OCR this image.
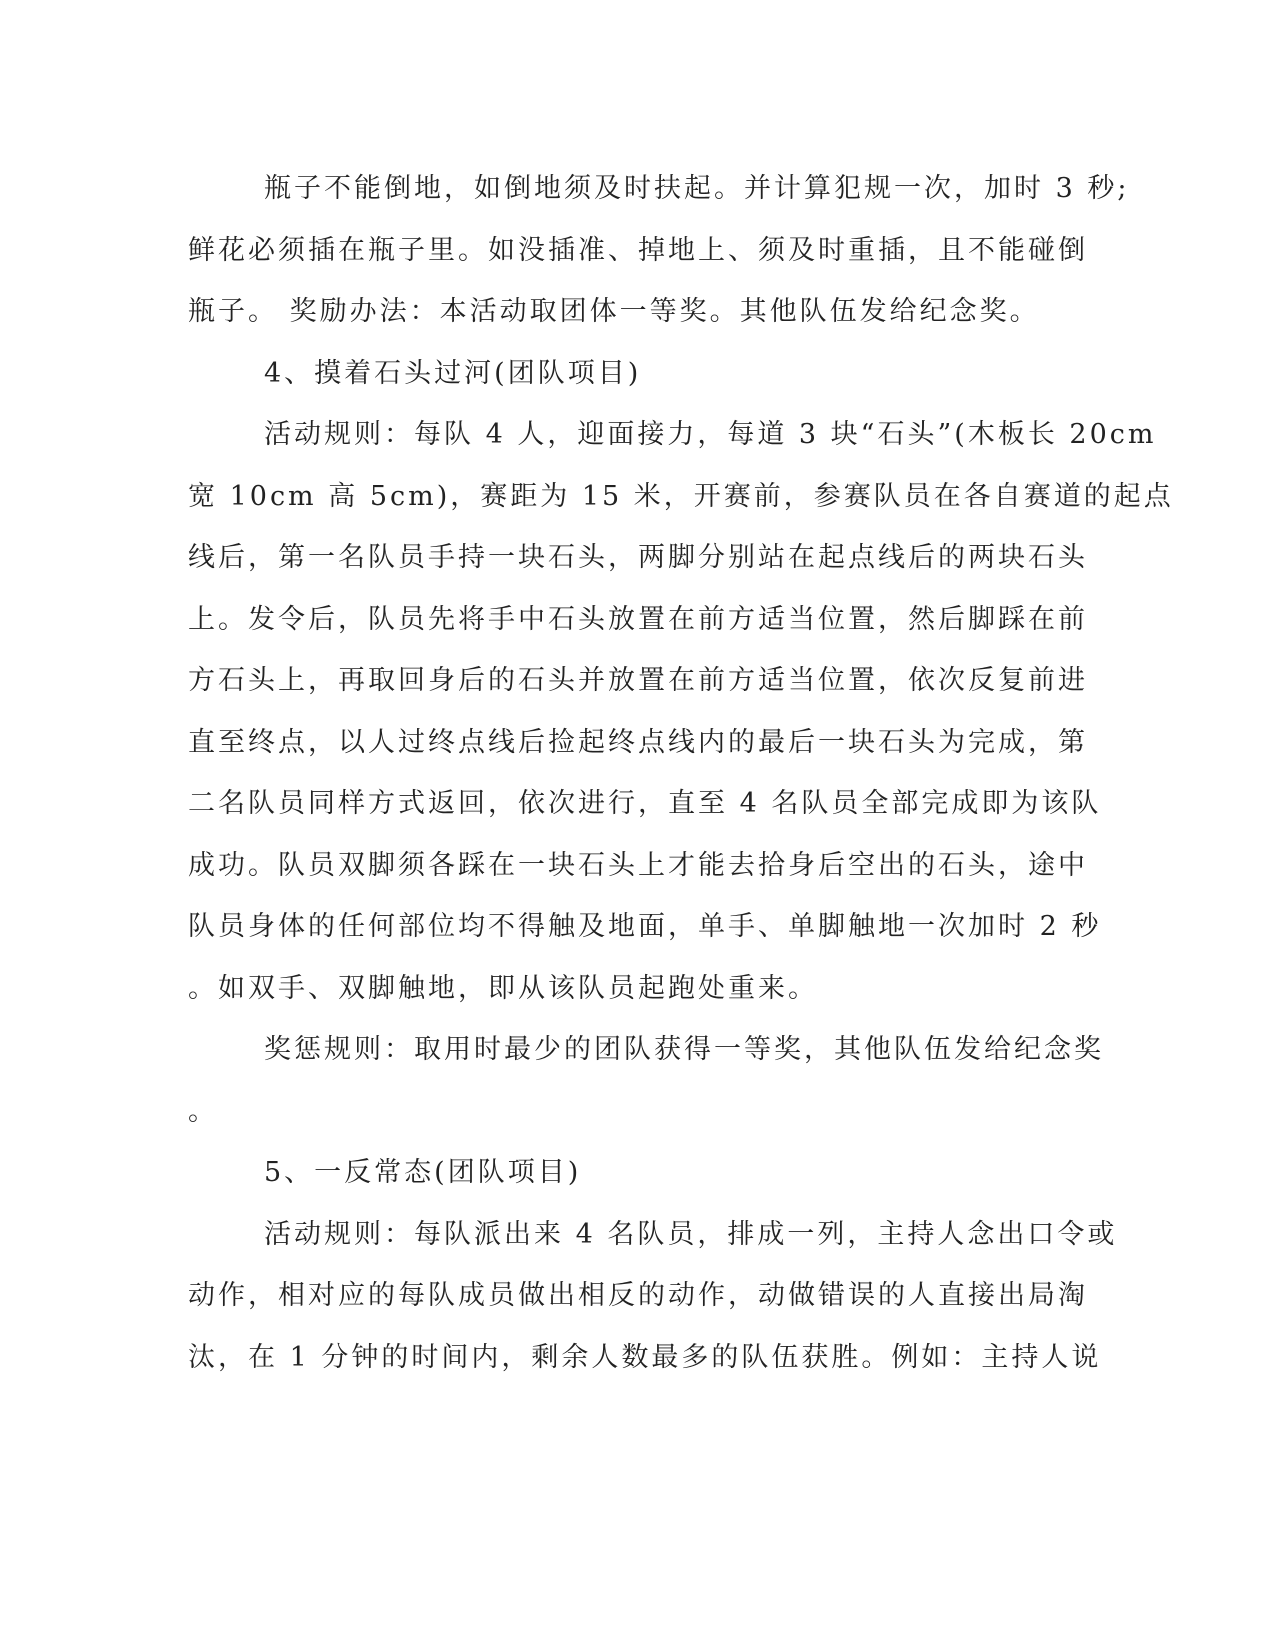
瓶子不能倒地，如倒地须及时扶起。并计算犯规一次，加时 3 秒;
鲜花必须插在瓶子里。如没插准、掉地上、须及时重插，且不能碰倒
瓶子。 奖励办法：本活动取团体一等奖。其他队伍发给纪念奖。
4、摸着石头过河(团队项目)
活动规则：每队 4 人，迎面接力，每道 3 块“石头”(木板长 20cm
宽 10cm 高 5cm)，赛距为 15 米，开赛前，参赛队员在各自赛道的起点
线后，第一名队员手持一块石头，两脚分别站在起点线后的两块石头
上。发令后，队员先将手中石头放置在前方适当位置，然后脚踩在前
方石头上，再取回身后的石头并放置在前方适当位置，依次反复前进
直至终点，以人过终点线后捡起终点线内的最后一块石头为完成，第
二名队员同样方式返回，依次进行，直至 4 名队员全部完成即为该队
成功。队员双脚须各踩在一块石头上才能去拾身后空出的石头，途中
队员身体的任何部位均不得触及地面，单手、单脚触地一次加时 2 秒
。如双手、双脚触地，即从该队员起跑处重来。
奖惩规则：取用时最少的团队获得一等奖，其他队伍发给纪念奖
。
5、一反常态(团队项目)
活动规则：每队派出来 4 名队员，排成一列，主持人念出口令或
动作，相对应的每队成员做出相反的动作，动做错误的人直接出局淘
汰，在 1 分钟的时间内，剩余人数最多的队伍获胜。例如：主持人说
